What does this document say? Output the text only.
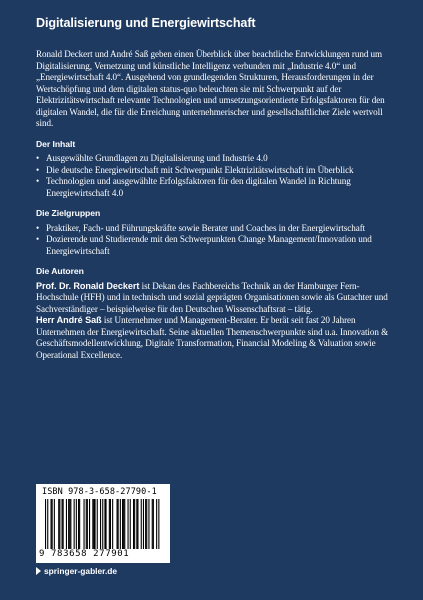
Digitalisierung und Energiewirtschaft

Ronald Deckert und André Saß geben einen Überblick über beachtliche Entwicklungen rund um Digitalisierung, Vernetzung und künstliche Intelligenz verbunden mit „Industrie 4.0“ und „Energiewirtschaft 4.0“. Ausgehend von grundlegenden Strukturen, Herausforderungen in der Wertschöpfung und dem digitalen status-quo beleuchten sie mit Schwerpunkt auf der Elektrizitätswirtschaft relevante Technologien und umsetzungsorientierte Erfolgsfaktoren für den digitalen Wandel, die für die Erreichung unternehmerischer und gesellschaftlicher Ziele wertvoll sind.

Der Inhalt
• Ausgewählte Grundlagen zu Digitalisierung und Industrie 4.0
• Die deutsche Energiewirtschaft mit Schwerpunkt Elektrizitätswirtschaft im Überblick
• Technologien und ausgewählte Erfolgsfaktoren für den digitalen Wandel in Richtung Energiewirtschaft 4.0
Die Zielgruppen
• Praktiker, Fach- und Führungskräfte sowie Berater und Coaches in der Energiewirtschaft
• Dozierende und Studierende mit den Schwerpunkten Change Management/Innovation und Energiewirtschaft
Die Autoren

Prof. Dr. Ronald Deckert ist Dekan des Fachbereichs Technik an der Hamburger Fern-Hochschule (HFH) und in technisch und sozial geprägten Organisationen sowie als Gutachter und Sachverständiger – beispielweise für den Deutschen Wissenschaftsrat – tätig.

Herr André Saß ist Unternehmer und Management-Berater. Er berät seit fast 20 Jahren Unternehmen der Energiewirtschaft. Seine aktuellen Themenschwerpunkte sind u.a. Innovation & Geschäftsmodellentwicklung, Digitale Transformation, Financial Modeling & Valuation sowie Operational Excellence.

ISBN 978-3-658-27790-1
9 783658 277901
springer-gabler.de
